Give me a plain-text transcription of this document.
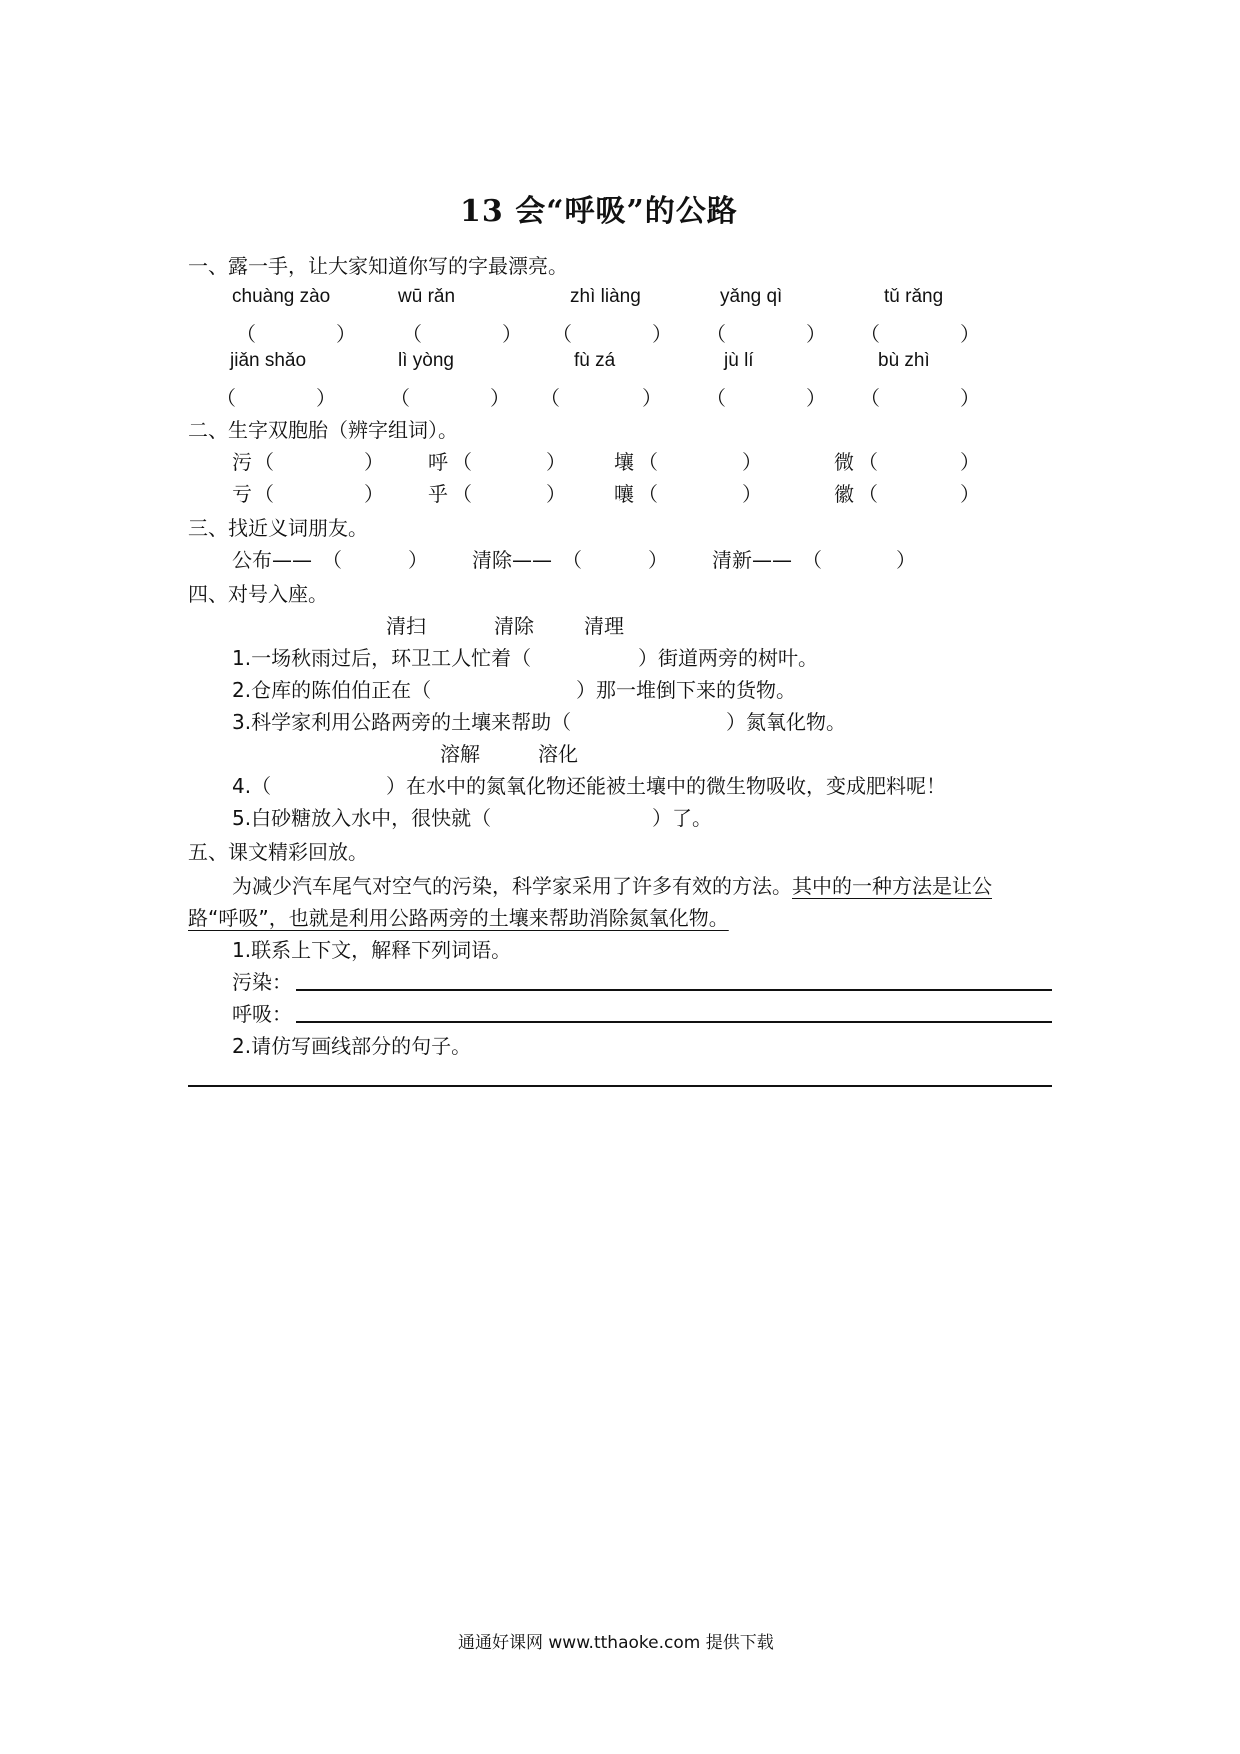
13 会“呼吸”的公路
一、露一手，让大家知道你写的字最漂亮。
chuàng zào	wū rǎn	zhì liàng	yǎng qì	tǔ rǎng
（	） （	） （	） （	） （	）
jiǎn shǎo	lì yòng	fù zá	jù lí	bù zhì
（	）	（	） （	） （	） （	）
二、生字双胞胎（辨字组词）。
污 （	） 呼 （	） 壤 （	）	微 （	）
亏 （	） 乎 （	） 嚷 （	）	徽 （	）
三、找近义词朋友。
公布—— （	） 清除—— （	） 清新—— （	）
四、对号入座。
清扫	清除	清理
1.一场秋雨过后，环卫工人忙着（	）街道两旁的树叶。
2.仓库的陈伯伯正在（	）那一堆倒下来的货物。
3.科学家利用公路两旁的土壤来帮助（	）氮氧化物。
溶解	溶化
4.（	）在水中的氮氧化物还能被土壤中的微生物吸收，变成肥料呢！
5.白砂糖放入水中，很快就（	）了。
五、课文精彩回放。
为减少汽车尾气对空气的污染，科学家采用了许多有效的方法。其中的一种方法是让公
路“呼吸”，也就是利用公路两旁的土壤来帮助消除氮氧化物。
1.联系上下文，解释下列词语。
污染：
呼吸：
2.请仿写画线部分的句子。
通通好课网 www.tthaoke.com 提供下载
